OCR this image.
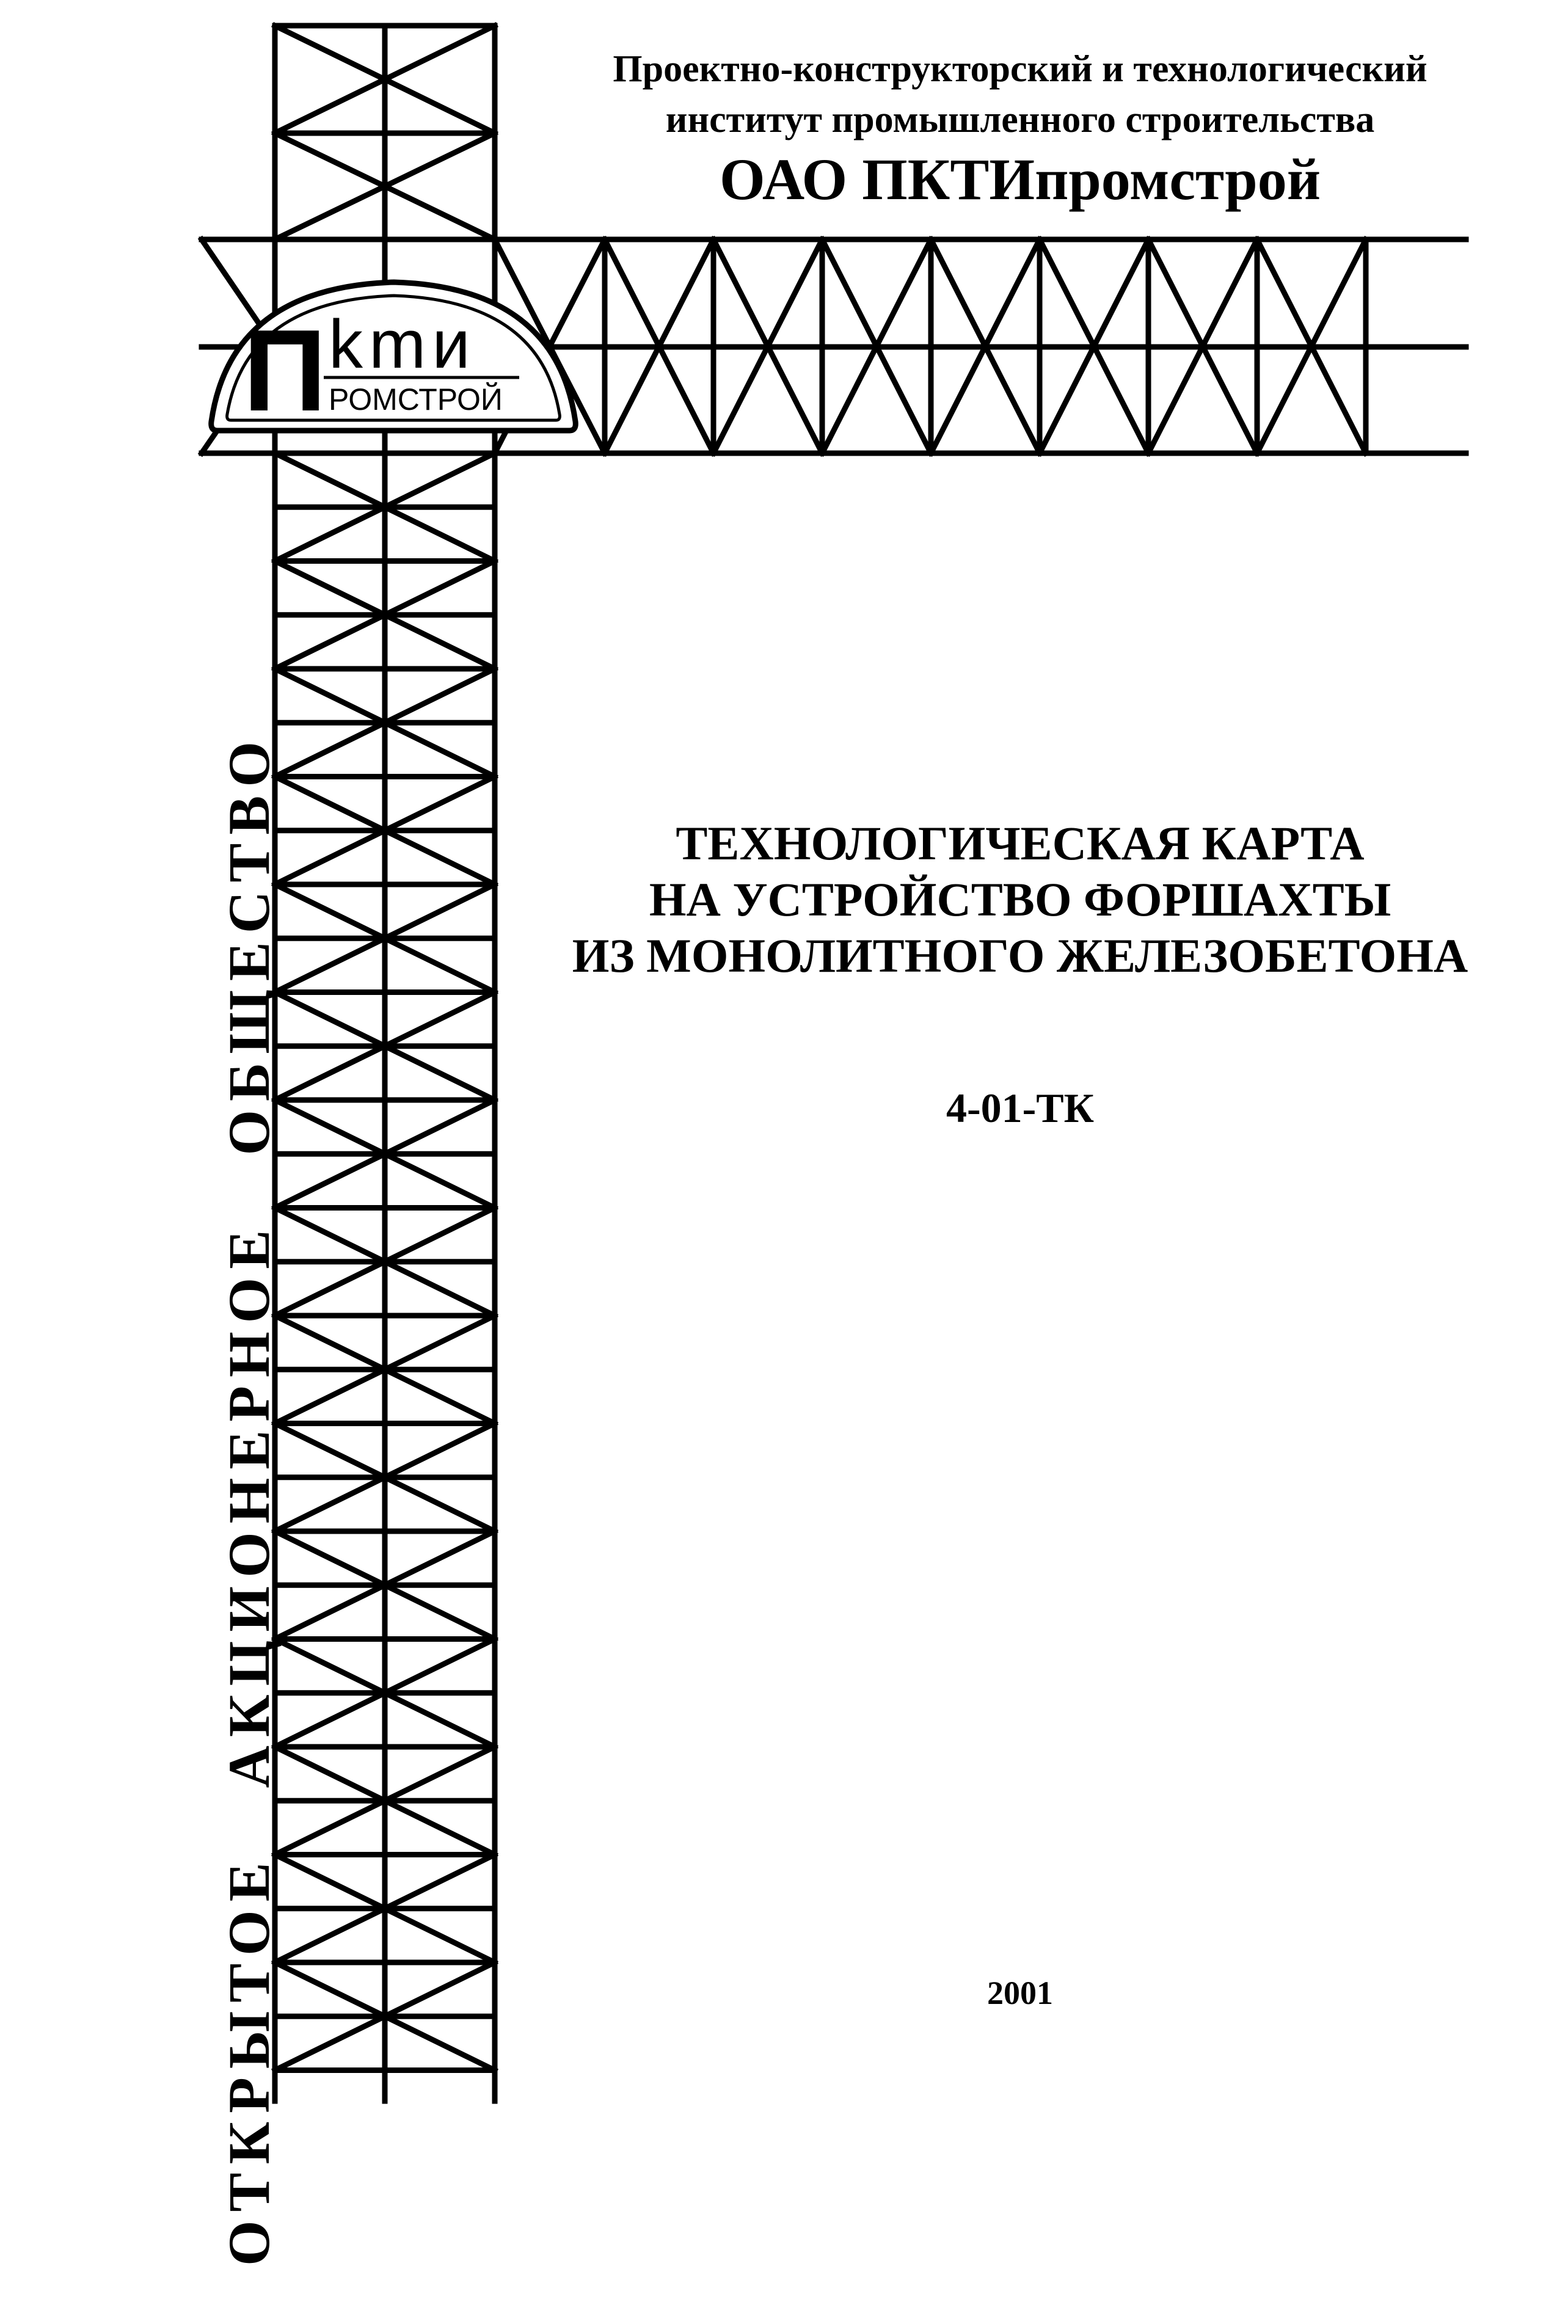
П kmи
РОМСТРОЙ
Проектно-конструкторский и технологический
институт промышленного строительства
ОАО ПКТИпромстрой
ОТКРЫТОЕ АКЦИОНЕРНОЕ ОБЩЕСТВО	ТЕХНОЛОГИЧЕСКАЯ КАРТА
НА УСТРОЙСТВО ФОРШАХТЫ
ИЗ МОНОЛИТНОГО ЖЕЛЕЗОБЕТОНА
4-01-ТК
2001
